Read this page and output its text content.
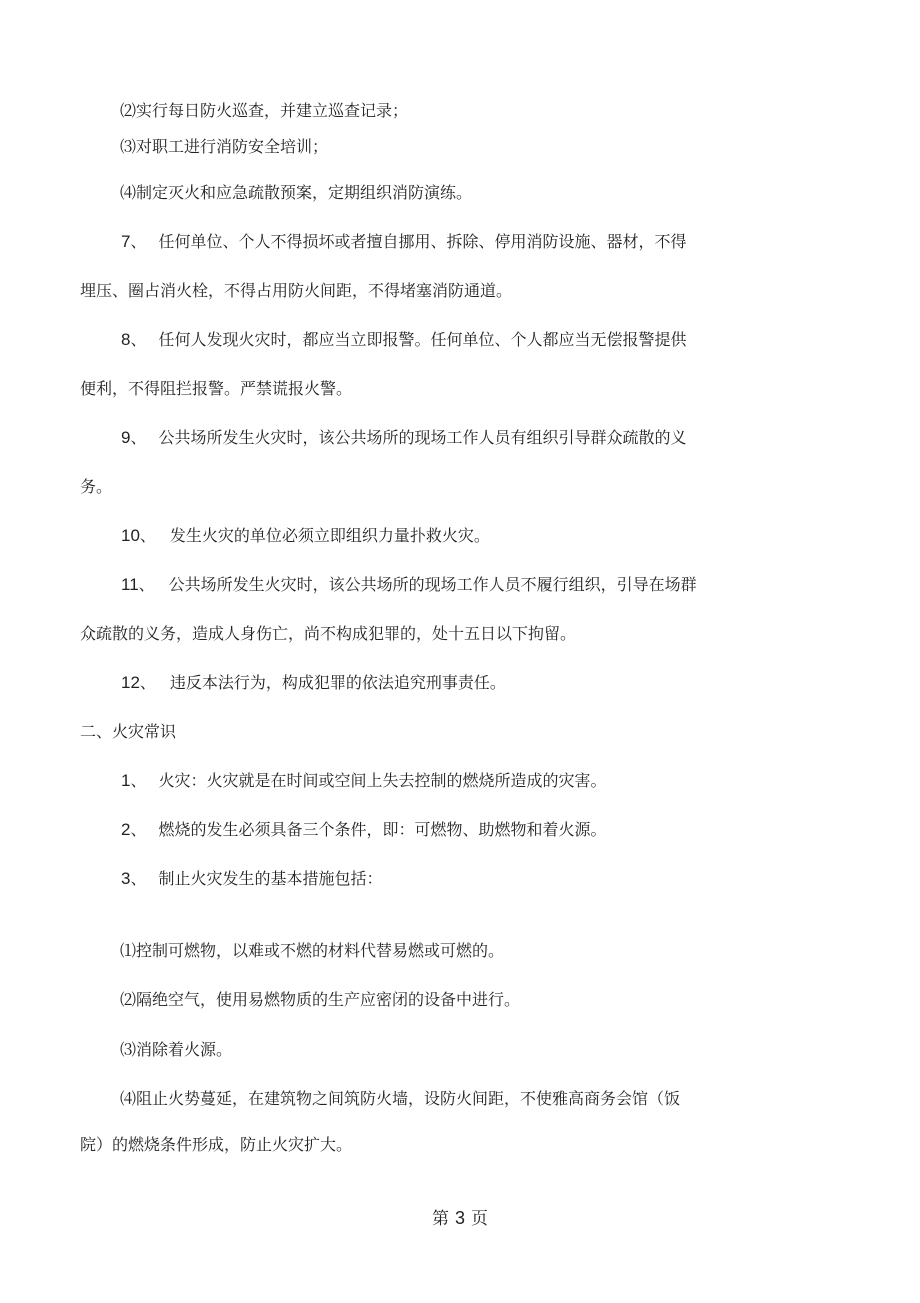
⑵实行每日防火巡查，并建立巡查记录；
⑶对职工进行消防安全培训；
⑷制定灭火和应急疏散预案，定期组织消防演练。
7、 任何单位、个人不得损坏或者擅自挪用、拆除、停用消防设施、器材，不得
埋压、圈占消火栓，不得占用防火间距，不得堵塞消防通道。
8、 任何人发现火灾时，都应当立即报警。任何单位、个人都应当无偿报警提供
便利，不得阻拦报警。严禁谎报火警。
9、 公共场所发生火灾时，该公共场所的现场工作人员有组织引导群众疏散的义
务。
10、 发生火灾的单位必须立即组织力量扑救火灾。
11、 公共场所发生火灾时，该公共场所的现场工作人员不履行组织，引导在场群
众疏散的义务，造成人身伤亡，尚不构成犯罪的，处十五日以下拘留。
12、 违反本法行为，构成犯罪的依法追究刑事责任。
二、火灾常识
1、 火灾：火灾就是在时间或空间上失去控制的燃烧所造成的灾害。
2、 燃烧的发生必须具备三个条件，即：可燃物、助燃物和着火源。
3、 制止火灾发生的基本措施包括：
⑴控制可燃物，以难或不燃的材料代替易燃或可燃的。
⑵隔绝空气，使用易燃物质的生产应密闭的设备中进行。
⑶消除着火源。
⑷阻止火势蔓延，在建筑物之间筑防火墙，设防火间距，不使雅高商务会馆（饭
院）的燃烧条件形成，防止火灾扩大。
第 3 页
